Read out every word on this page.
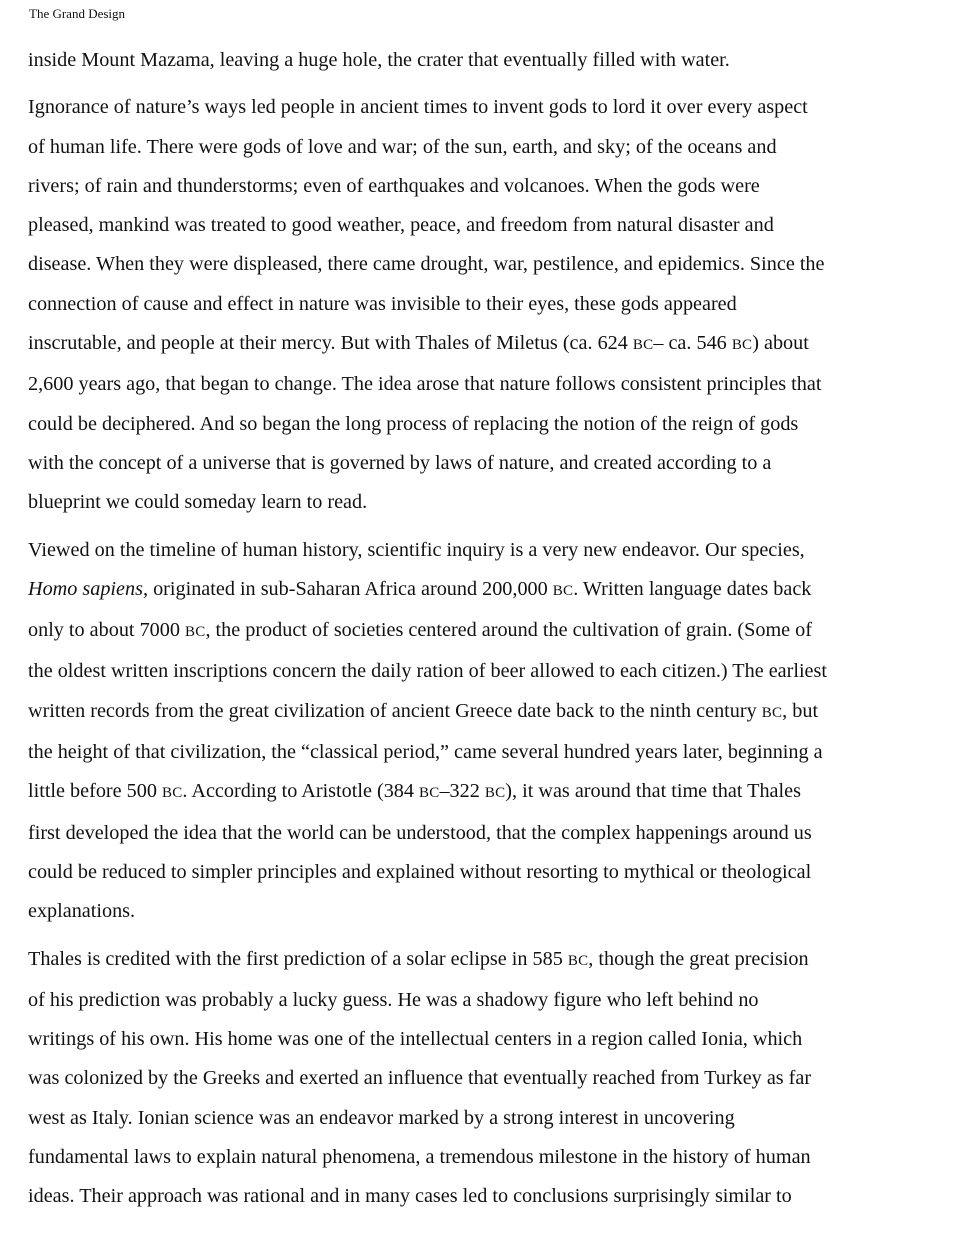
The Grand Design

inside Mount Mazama, leaving a huge hole, the crater that eventually filled with water.

Ignorance of nature’s ways led people in ancient times to invent gods to lord it over every aspect
of human life. There were gods of love and war; of the sun, earth, and sky; of the oceans and
rivers; of rain and thunderstorms; even of earthquakes and volcanoes. When the gods were
pleased, mankind was treated to good weather, peace, and freedom from natural disaster and
disease. When they were displeased, there came drought, war, pestilence, and epidemics. Since the
connection of cause and effect in nature was invisible to their eyes, these gods appeared
inscrutable, and people at their mercy. But with Thales of Miletus (ca. 624 BC– ca. 546 BC) about
2,600 years ago, that began to change. The idea arose that nature follows consistent principles that
could be deciphered. And so began the long process of replacing the notion of the reign of gods
with the concept of a universe that is governed by laws of nature, and created according to a
blueprint we could someday learn to read.

Viewed on the timeline of human history, scientific inquiry is a very new endeavor. Our species,
Homo sapiens, originated in sub-Saharan Africa around 200,000 BC. Written language dates back
only to about 7000 BC, the product of societies centered around the cultivation of grain. (Some of
the oldest written inscriptions concern the daily ration of beer allowed to each citizen.) The earliest
written records from the great civilization of ancient Greece date back to the ninth century BC, but
the height of that civilization, the “classical period,” came several hundred years later, beginning a
little before 500 BC. According to Aristotle (384 BC–322 BC), it was around that time that Thales
first developed the idea that the world can be understood, that the complex happenings around us
could be reduced to simpler principles and explained without resorting to mythical or theological
explanations.

Thales is credited with the first prediction of a solar eclipse in 585 BC, though the great precision
of his prediction was probably a lucky guess. He was a shadowy figure who left behind no
writings of his own. His home was one of the intellectual centers in a region called Ionia, which
was colonized by the Greeks and exerted an influence that eventually reached from Turkey as far
west as Italy. Ionian science was an endeavor marked by a strong interest in uncovering
fundamental laws to explain natural phenomena, a tremendous milestone in the history of human
ideas. Their approach was rational and in many cases led to conclusions surprisingly similar to
